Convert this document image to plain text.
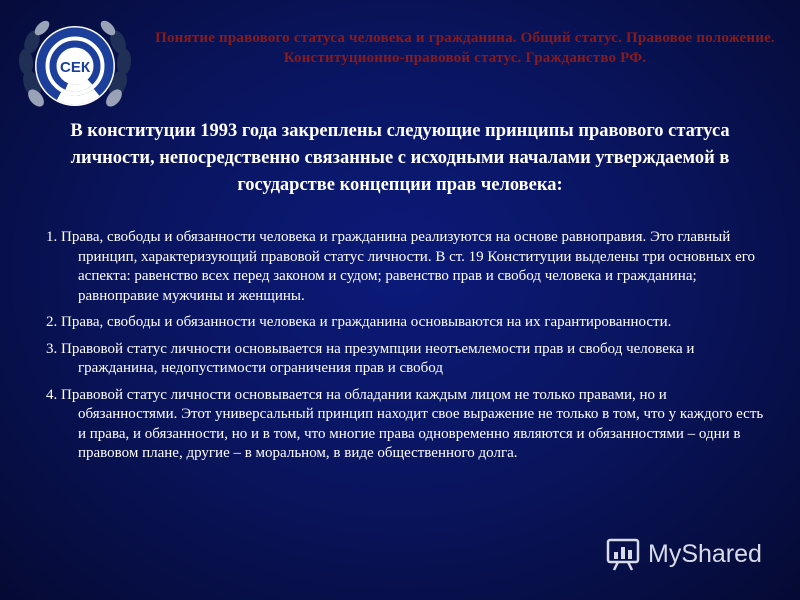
СЕК
Понятие правового статуса человека и гражданина. Общий статус. Правовое положение. Конституционно-правовой статус. Гражданство РФ.
В конституции 1993 года закреплены следующие принципы правового статуса личности, непосредственно связанные с исходными началами утверждаемой в государстве концепции прав человека:
1. Права, свободы и обязанности человека и гражданина реализуются на основе равноправия. Это главный принцип, характеризующий правовой статус личности. В ст. 19 Конституции выделены три основных его аспекта: равенство всех перед законом и судом; равенство прав и свобод человека и гражданина; равноправие мужчины и женщины.
2. Права, свободы и обязанности человека и гражданина основываются на их гарантированности.
3. Правовой статус личности основывается на презумпции неотъемлемости прав и свобод человека и гражданина, недопустимости ограничения прав и свобод
4. Правовой статус личности основывается на обладании каждым лицом не только правами, но и обязанностями. Этот универсальный принцип находит свое выражение не только в том, что у каждого есть и права, и обязанности, но и в том, что многие права одновременно являются и обязанностями – одни в правовом плане, другие – в моральном, в виде общественного долга.
MyShared
